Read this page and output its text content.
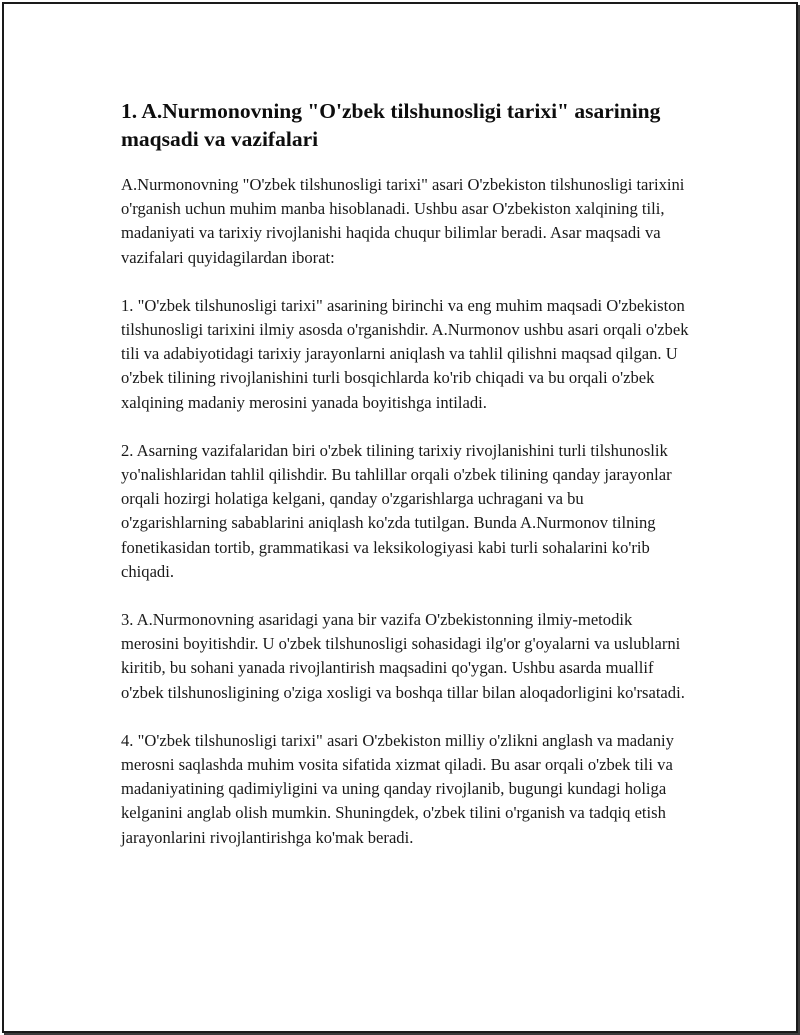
1. A.Nurmonovning "O'zbek tilshunosligi tarixi" asarining maqsadi va vazifalari

A.Nurmonovning "O'zbek tilshunosligi tarixi" asari O'zbekiston tilshunosligi tarixini o'rganish uchun muhim manba hisoblanadi. Ushbu asar O'zbekiston xalqining tili, madaniyati va tarixiy rivojlanishi haqida chuqur bilimlar beradi. Asar maqsadi va vazifalari quyidagilardan iborat:

1. "O'zbek tilshunosligi tarixi" asarining birinchi va eng muhim maqsadi O'zbekiston tilshunosligi tarixini ilmiy asosda o'rganishdir. A.Nurmonov ushbu asari orqali o'zbek tili va adabiyotidagi tarixiy jarayonlarni aniqlash va tahlil qilishni maqsad qilgan. U o'zbek tilining rivojlanishini turli bosqichlarda ko'rib chiqadi va bu orqali o'zbek xalqining madaniy merosini yanada boyitishga intiladi.

2. Asarning vazifalaridan biri o'zbek tilining tarixiy rivojlanishini turli tilshunoslik yo'nalishlaridan tahlil qilishdir. Bu tahlillar orqali o'zbek tilining qanday jarayonlar orqali hozirgi holatiga kelgani, qanday o'zgarishlarga uchragani va bu o'zgarishlarning sabablarini aniqlash ko'zda tutilgan. Bunda A.Nurmonov tilning fonetikasidan tortib, grammatikasi va leksikologiyasi kabi turli sohalarini ko'rib chiqadi.

3. A.Nurmonovning asaridagi yana bir vazifa O'zbekistonning ilmiy-metodik merosini boyitishdir. U o'zbek tilshunosligi sohasidagi ilg'or g'oyalarni va uslublarni kiritib, bu sohani yanada rivojlantirish maqsadini qo'ygan. Ushbu asarda muallif o'zbek tilshunosligining o'ziga xosligi va boshqa tillar bilan aloqadorligini ko'rsatadi.

4. "O'zbek tilshunosligi tarixi" asari O'zbekiston milliy o'zlikni anglash va madaniy merosni saqlashda muhim vosita sifatida xizmat qiladi. Bu asar orqali o'zbek tili va madaniyatining qadimiyligini va uning qanday rivojlanib, bugungi kundagi holiga kelganini anglab olish mumkin. Shuningdek, o'zbek tilini o'rganish va tadqiq etish jarayonlarini rivojlantirishga ko'mak beradi.
